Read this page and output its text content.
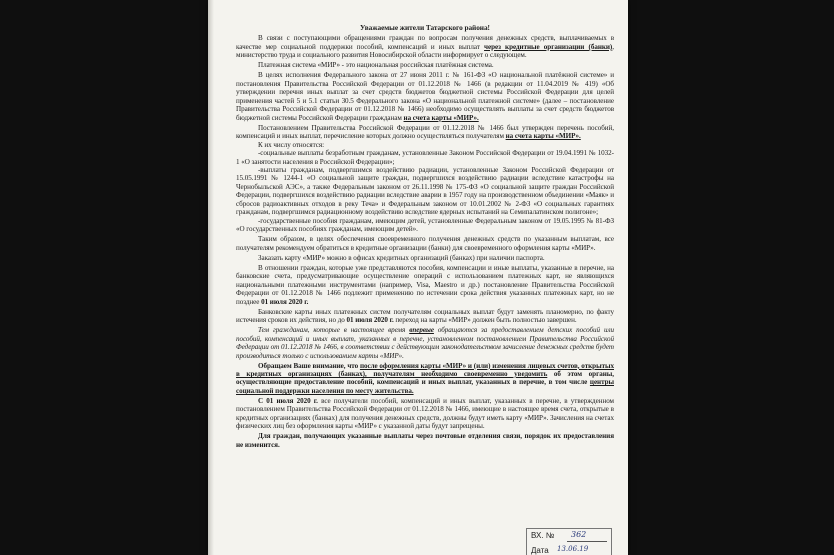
Уважаемые жители Татарского района!

В связи с поступающими обращениями граждан по вопросам получения денежных средств, выплачиваемых в качестве мер социальной поддержки пособий, компенсаций и иных выплат через кредитные организации (банки), министерство труда и социального развития Новосибирской области информирует о следующем.

Платежная система «МИР» - это национальная российская платёжная система.

В целях исполнения Федерального закона от 27 июня 2011 г. № 161-ФЗ «О национальной платёжной системе» и постановления Правительства Российской Федерации от 01.12.2018 № 1466 (в редакции от 11.04.2019 № 419) «Об утверждении перечня иных выплат за счет средств бюджетов бюджетной системы Российской Федерации для целей применения частей 5 и 5.1 статьи 30.5 Федерального закона «О национальной платежной системе» (далее – постановление Правительства Российской Федерации от 01.12.2018 № 1466) необходимо осуществлять выплаты за счет средств бюджетов бюджетной системы Российской Федерации гражданам на счета карты «МИР».

Постановлением Правительства Российской Федерации от 01.12.2018 № 1466 был утвержден перечень пособий, компенсаций и иных выплат, перечисление которых должно осуществляться получателям на счета карты «МИР».

К их числу относятся:

-социальные выплаты безработным гражданам, установленные Законом Российской Федерации от 19.04.1991 № 1032-1 «О занятости населения в Российской Федерации»;

-выплаты гражданам, подвергшимся воздействию радиации, установленные Законом Российской Федерации от 15.05.1991 № 1244-1 «О социальной защите граждан, подвергшихся воздействию радиации вследствие катастрофы на Чернобыльской АЭС», а также Федеральным законом от 26.11.1998 № 175-ФЗ «О социальной защите граждан Российской Федерации, подвергшихся воздействию радиации вследствие аварии в 1957 году на производственном объединении «Маяк» и сбросов радиоактивных отходов в реку Теча» и Федеральным законом от 10.01.2002 № 2-ФЗ «О социальных гарантиях гражданам, подвергшимся радиационному воздействию вследствие ядерных испытаний на Семипалатинском полигоне»;

-государственные пособия гражданам, имеющим детей, установленные Федеральным законом от 19.05.1995 № 81-ФЗ «О государственных пособиях гражданам, имеющим детей».

Таким образом, в целях обеспечения своевременного получения денежных средств по указанным выплатам, все получателям рекомендуем обратиться в кредитные организации (банки) для своевременного оформления карты «МИР».

Заказать карту «МИР» можно в офисах кредитных организаций (банках) при наличии паспорта.

В отношении граждан, которые уже представляются пособия, компенсации и иные выплаты, указанные в перечне, на банковские счета, предусматривающие осуществление операций с использованием платежных карт, не являющихся национальными платежными инструментами (например, Visa, Maestro и др.) постановление Правительства Российской Федерации от 01.12.2018 № 1466 подлежит применению по истечении срока действия указанных платежных карт, но не позднее 01 июля 2020 г.

Банковские карты иных платежных систем получателям социальных выплат будут заменять планомерно, по факту истечения сроков их действия, но до 01 июля 2020 г. переход на карты «МИР» должен быть полностью завершен.

Тем гражданам, которые в настоящее время впервые обращаются за предоставлением детских пособий или пособий, компенсаций и иных выплат, указанных в перечне, установленном постановлением Правительства Российской Федерации от 01.12.2018 № 1466, в соответствии с действующим законодательством зачисление денежных средств будет производиться только с использованием карты «МИР».

Обращаем Ваше внимание, что после оформления карты «МИР» и (или) изменения лицевых счетов, открытых в кредитных организациях (банках), получателям необходимо своевременно уведомить об этом органы, осуществляющие предоставление пособий, компенсаций и иных выплат, указанных в перечне, в том числе центры социальной поддержки населения по месту жительства.

С 01 июля 2020 г. все получатели пособий, компенсаций и иных выплат, указанных в перечне, в утвержденном постановлением Правительства Российской Федерации от 01.12.2018 № 1466, имеющие в настоящее время счета, открытые в кредитных организациях (банках) для получения денежных средств, должны будут иметь карту «МИР». Зачисления на счетах физических лиц без оформления карты «МИР» с указанной даты будут запрещены.

Для граждан, получающих указанные выплаты через почтовые отделения связи, порядок их предоставления не изменится.

ВХ. № 362
Дата 13.06.19
